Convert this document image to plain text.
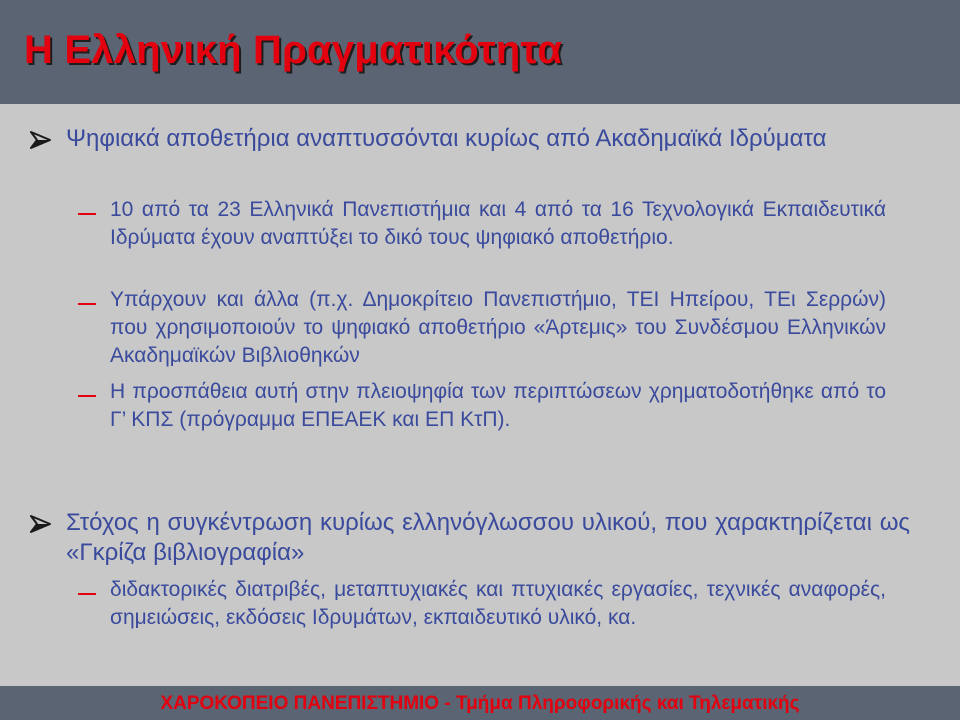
Η Ελληνική Πραγματικότητα
Ψηφιακά αποθετήρια αναπτυσσόνται κυρίως από Ακαδημαϊκά Ιδρύματα
10 από τα 23 Ελληνικά Πανεπιστήμια και 4 από τα 16 Τεχνολογικά Εκπαιδευτικά Ιδρύματα έχουν αναπτύξει το δικό τους ψηφιακό αποθετήριο.
Υπάρχουν και άλλα (π.χ. Δημοκρίτειο Πανεπιστήμιο, ΤΕΙ Ηπείρου, ΤΕι Σερρών) που χρησιμοποιούν το ψηφιακό αποθετήριο «Άρτεμις» του Συνδέσμου Ελληνικών Ακαδημαϊκών Βιβλιοθηκών
Η προσπάθεια αυτή στην πλειοψηφία των περιπτώσεων χρηματοδοτήθηκε από το Γ’ ΚΠΣ (πρόγραμμα ΕΠΕΑΕΚ και ΕΠ ΚτΠ).
Στόχος η συγκέντρωση κυρίως ελληνόγλωσσου υλικού, που χαρακτηρίζεται ως «Γκρίζα βιβλιογραφία»
διδακτορικές διατριβές, μεταπτυχιακές και πτυχιακές εργασίες, τεχνικές αναφορές, σημειώσεις, εκδόσεις Ιδρυμάτων, εκπαιδευτικό υλικό, κα.
ΧΑΡΟΚΟΠΕΙΟ ΠΑΝΕΠΙΣΤΗΜΙΟ - Τμήμα Πληροφορικής και Τηλεματικής
